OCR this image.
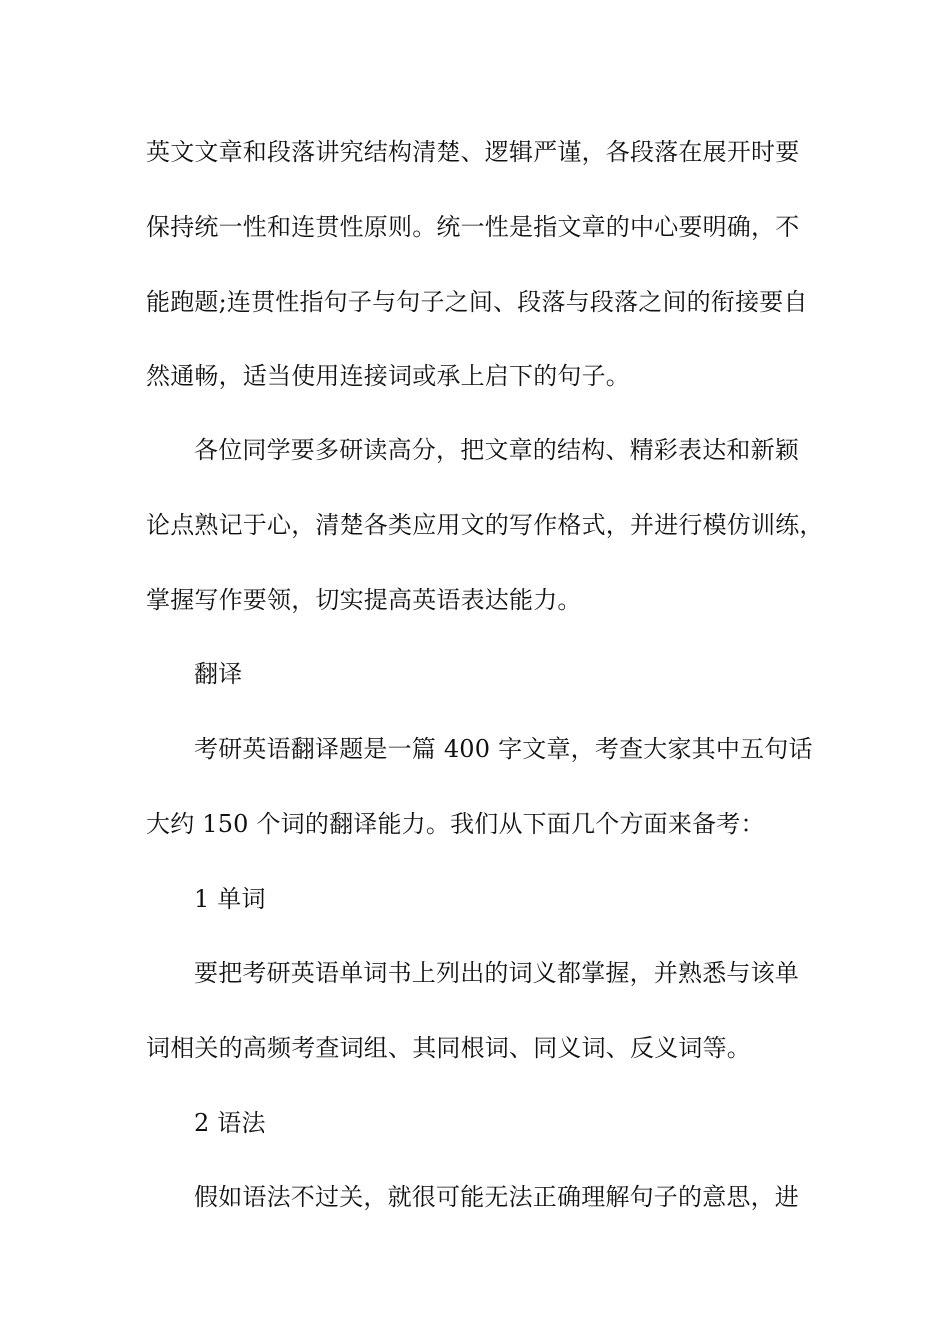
英文文章和段落讲究结构清楚、逻辑严谨，各段落在展开时要
保持统一性和连贯性原则。统一性是指文章的中心要明确，不
能跑题;连贯性指句子与句子之间、段落与段落之间的衔接要自
然通畅，适当使用连接词或承上启下的句子。
各位同学要多研读高分，把文章的结构、精彩表达和新颖
论点熟记于心，清楚各类应用文的写作格式，并进行模仿训练，
掌握写作要领，切实提高英语表达能力。
翻译
考研英语翻译题是一篇 400 字文章，考查大家其中五句话
大约 150 个词的翻译能力。我们从下面几个方面来备考：
1 单词
要把考研英语单词书上列出的词义都掌握，并熟悉与该单
词相关的高频考查词组、其同根词、同义词、反义词等。
2 语法
假如语法不过关，就很可能无法正确理解句子的意思，进
